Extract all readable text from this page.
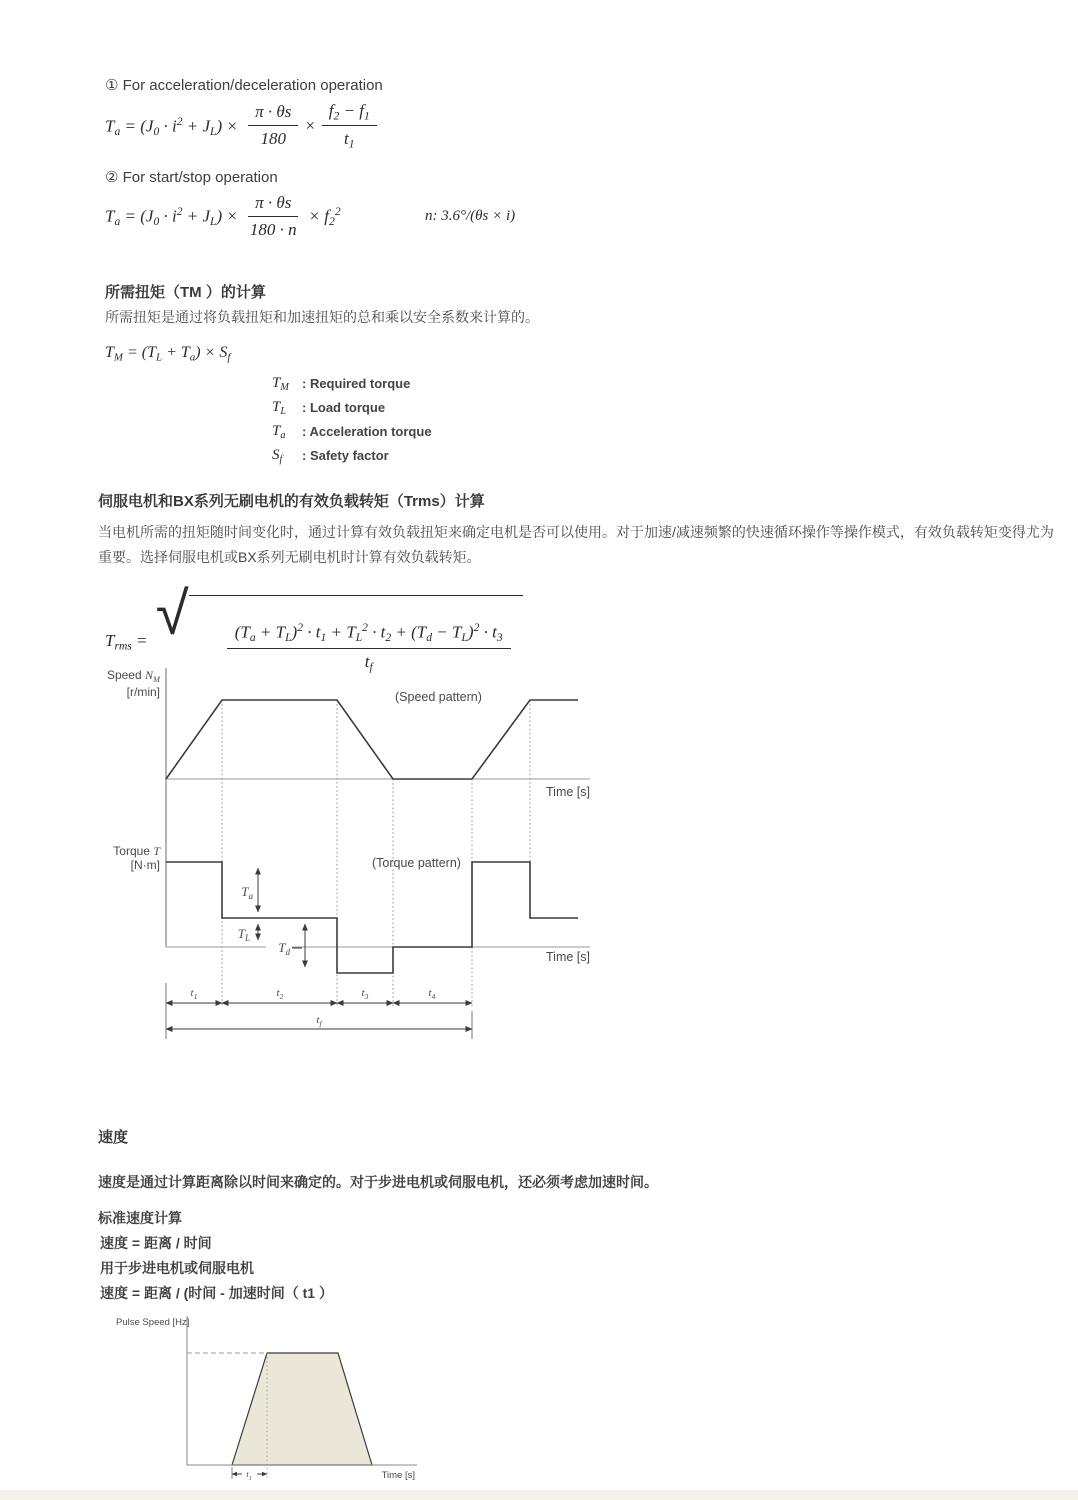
① For acceleration/deceleration operation
$T_a = (J_0 \cdot i^2 + J_L) \times \frac{\pi \cdot \theta s}{180} \times \frac{f_2 - f_1}{t_1}$
② For start/stop operation
$T_a = (J_0 \cdot i^2 + J_L) \times \frac{\pi \cdot \theta s}{180 \cdot n} \times f_2^2$	n: 3.6°/(θs × i)
所需扭矩（TM ）的计算
所需扭矩是通过将负载扭矩和加速扭矩的总和乘以安全系数来计算的。
$T_M = (T_L + T_a) \times S_f$
$T_M$	: Required torque
$T_L$	: Load torque
$T_a$	: Acceleration torque
$S_f$	: Safety factor
伺服电机和BX系列无刷电机的有效负载转矩（Trms）计算
当电机所需的扭矩随时间变化时，通过计算有效负载扭矩来确定电机是否可以使用。对于加速/减速频繁的快速循环操作等操作模式，有效负载转矩变得尤为重要。选择伺服电机或BX系列无刷电机时计算有效负载转矩。
$T_{rms}$ = √

$\frac{(T_a + T_L)^2 \cdot t_1 + T_L^2 \cdot t_2 + (T_d - T_L)^2 \cdot t_3}{t_f}$

Speed $N_M$
[r/min]	(Speed pattern)
Time [s]
Torque T
[N·m]	(Torque pattern)
Time [s]
$T_a$
$T_L$
$T_d$
$t_1$	$t_2$	$t_3$	$t_4$
$t_f$
速度
速度是通过计算距离除以时间来确定的。对于步进电机或伺服电机，还必须考虑加速时间。
标准速度计算
速度 = 距离 / 时间
用于步进电机或伺服电机
速度 = 距离 / (时间 - 加速时间（ t1 ）
$t_1$
Pulse Speed [Hz]
Time [s]
